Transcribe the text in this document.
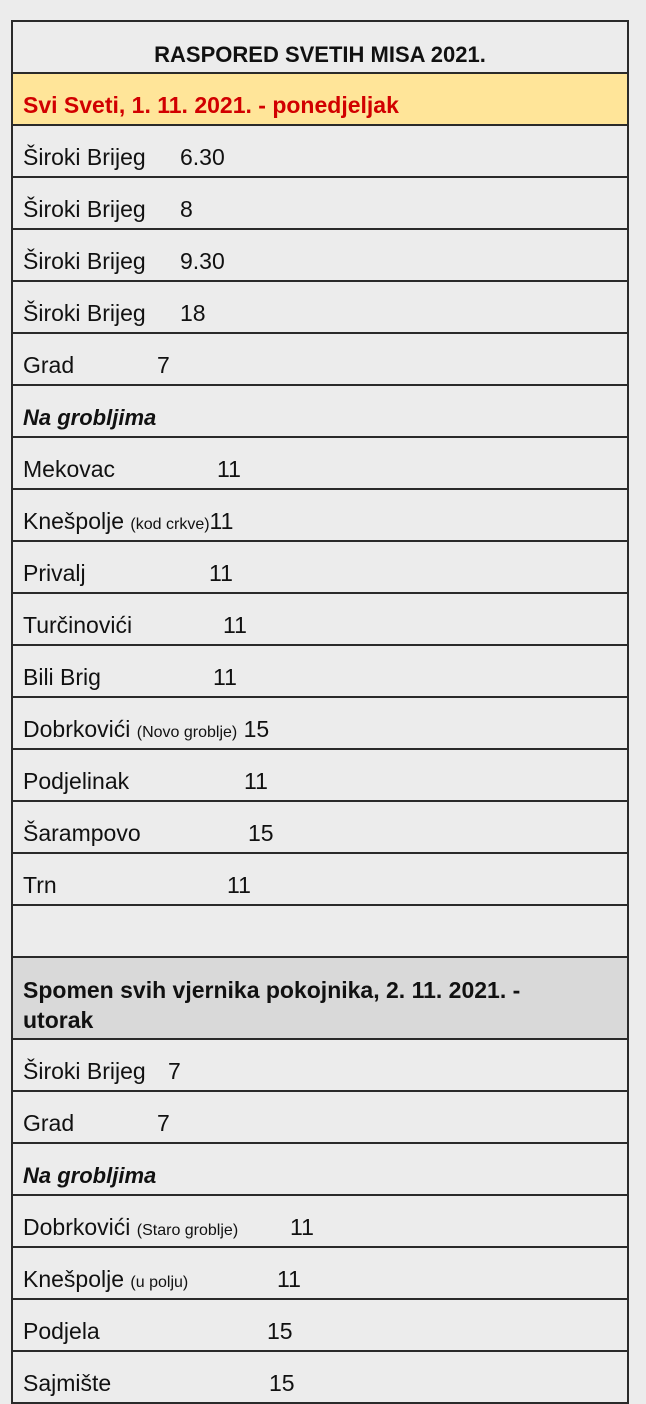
RASPORED SVETIH MISA 2021.
Svi Sveti, 1. 11. 2021. - ponedjeljak
Široki Brijeg 6.30
Široki Brijeg 8
Široki Brijeg 9.30
Široki Brijeg 18
Grad	7
Na grobljima
Mekovac	11
Knešpolje (kod crkve)11
Privalj	11
Turčinovići	11
Bili Brig	11
Dobrkovići (Novo groblje) 15
Podjelinak	11
Šarampovo	15
Trn	11
Spomen svih vjernika pokojnika, 2. 11. 2021. - utorak
Široki Brijeg 7
Grad	7
Na grobljima
Dobrkovići (Staro groblje) 11
Knešpolje (u polju)	11
Podjela	15
Sajmište	15
